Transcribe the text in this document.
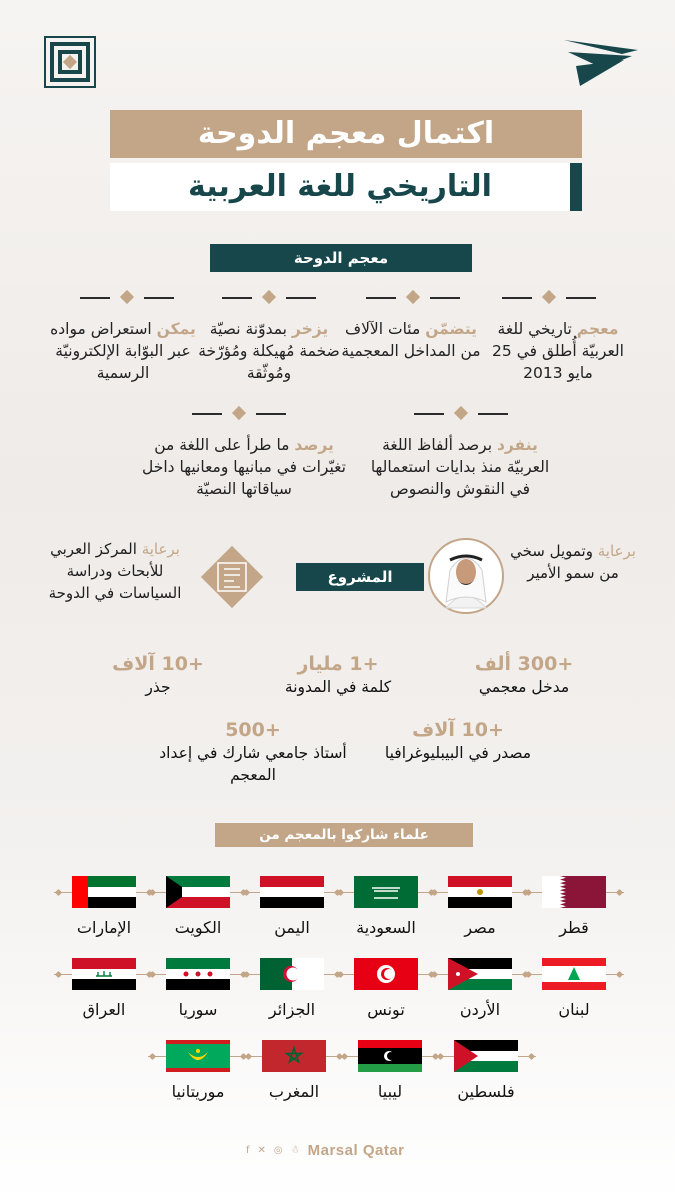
اكتمال معجم الدوحة
التاريخي للغة العربية
معجم الدوحة
معجم تاريخي للغة العربيّة أُطلق في 25 مايو 2013
يتضمّن مئات الآلاف من المداخل المعجمية
يزخر بمدوّنة نصيّة ضخمة مُهيكلة ومُؤرّخة ومُوثّقة
يمكن استعراض مواده عبر البوّابة الإلكترونيّة الرسمية
ينفرد برصد ألفاظ اللغة العربيّة منذ بدايات استعمالها في النقوش والنصوص
يرصد ما طرأ على اللغة من تغيّرات في مبانيها ومعانيها داخل سياقاتها النصيّة
برعاية وتمويل سخي من سمو الأمير
المشروع
برعاية المركز العربي للأبحاث ودراسة السياسات في الدوحة
+300 ألف
مدخل معجمي
+1 مليار
كلمة في المدونة
+10 آلاف
جذر
+10 آلاف
مصدر في البيبليوغرافيا
+500
أستاذ جامعي شارك في إعداد المعجم
علماء شاركوا بالمعجم من
قطر
مصر
السعودية
اليمن
الكويت
الإمارات
لبنان
الأردن
تونس
الجزائر
سوريا
العراق
فلسطين
ليبيا
المغرب
موريتانيا
f ✕ ◎ ☃ Marsal Qatar
